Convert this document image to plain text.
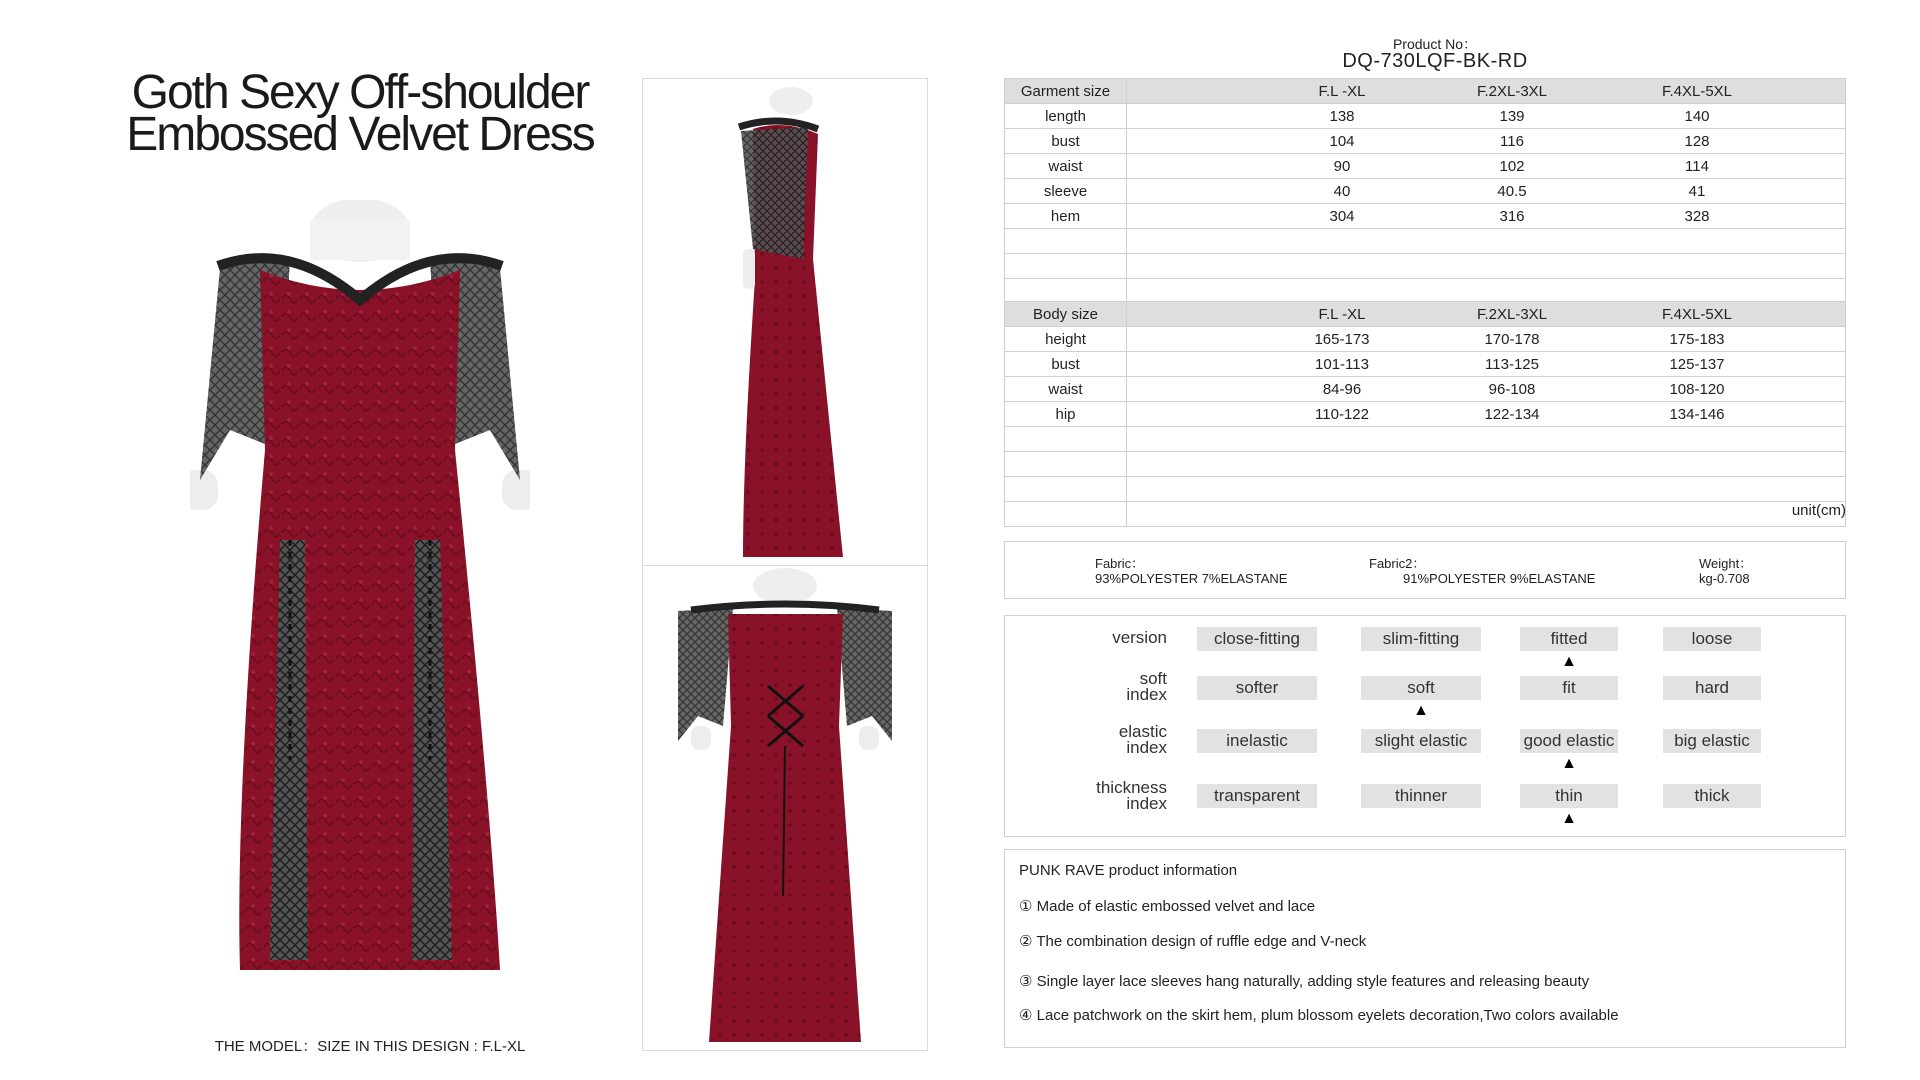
Goth Sexy Off-shoulder
Embossed Velvet Dress
THE MODEL：SIZE IN THIS DESIGN : F.L-XL
Product No：
DQ-730LQF-BK-RD
Garment size	F.L -XL F.2XL-3XL F.4XL-5XL
length	138 139 140
bust	104 116 128
waist	90 102 114
sleeve	40 40.5 41
hem	304 316 328

Body size	F.L -XL F.2XL-3XL F.4XL-5XL
height	165-173 170-178 175-183
bust	101-113 113-125 125-137
waist	84-96 96-108 108-120
hip	110-122 122-134 134-146

unit(cm)
Fabric：
93%POLYESTER 7%ELASTANE
Fabric2：
91%POLYESTER 9%ELASTANE
Weight：
kg-0.708
version	close-fitting	slim-fitting	fitted	loose
▲
soft
index	softer	soft	fit	hard
▲
elastic
index	inelastic	slight elastic	good elastic	big elastic
▲
thickness
index	transparent	thinner	thin	thick
▲
PUNK RAVE product information
① Made of elastic embossed velvet and lace
② The combination design of ruffle edge and V-neck
③ Single layer lace sleeves hang naturally, adding style features and releasing beauty
④ Lace patchwork on the skirt hem, plum blossom eyelets decoration,Two colors available
